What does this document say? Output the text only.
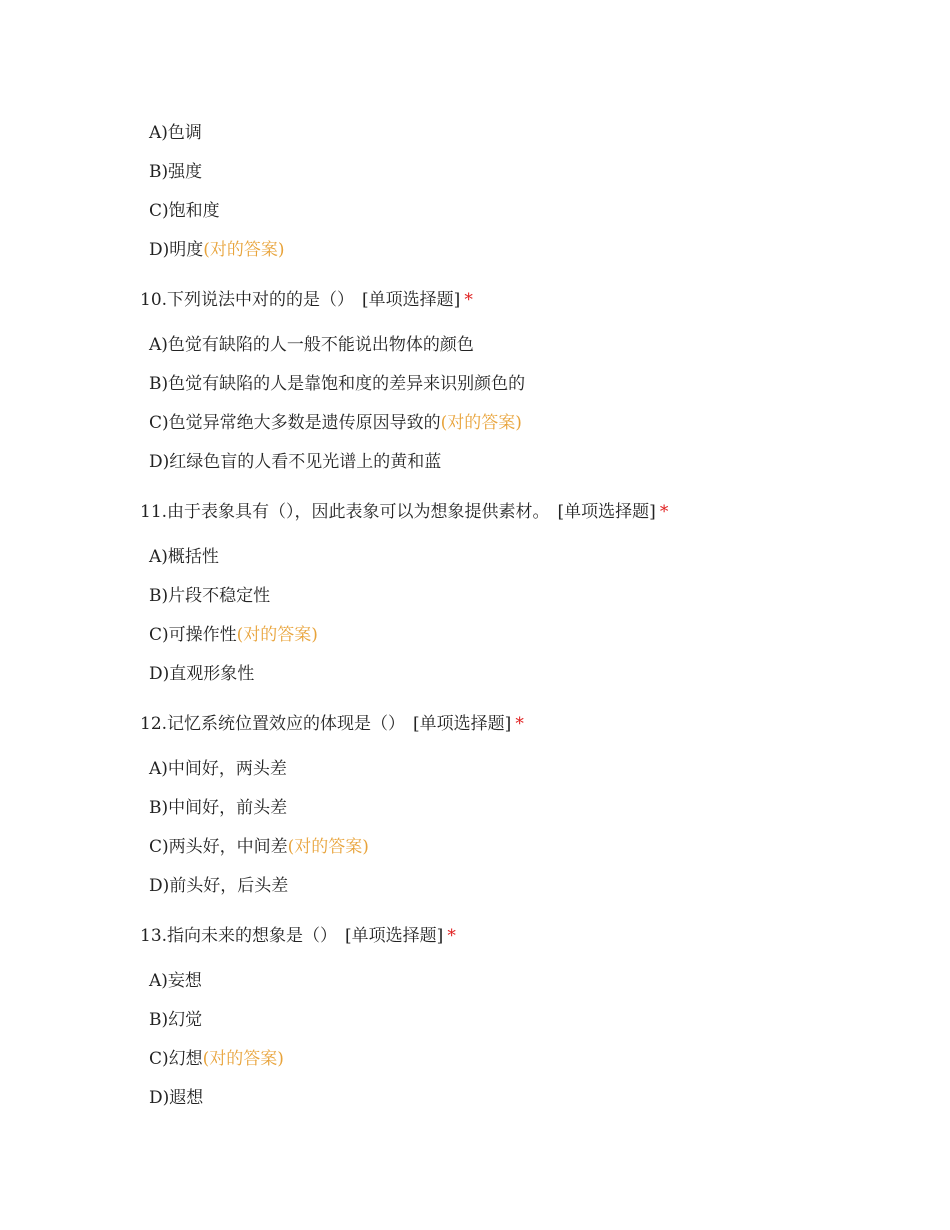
A)色调
B)强度
C)饱和度
D)明度(对的答案)
10.下列说法中对的的是（） [单项选择题] *
A)色觉有缺陷的人一般不能说出物体的颜色
B)色觉有缺陷的人是靠饱和度的差异来识别颜色的
C)色觉异常绝大多数是遗传原因导致的(对的答案)
D)红绿色盲的人看不见光谱上的黄和蓝
11.由于表象具有（），因此表象可以为想象提供素材。 [单项选择题] *
A)概括性
B)片段不稳定性
C)可操作性(对的答案)
D)直观形象性
12.记忆系统位置效应的体现是（） [单项选择题] *
A)中间好，两头差
B)中间好，前头差
C)两头好，中间差(对的答案)
D)前头好，后头差
13.指向未来的想象是（） [单项选择题] *
A)妄想
B)幻觉
C)幻想(对的答案)
D)遐想
